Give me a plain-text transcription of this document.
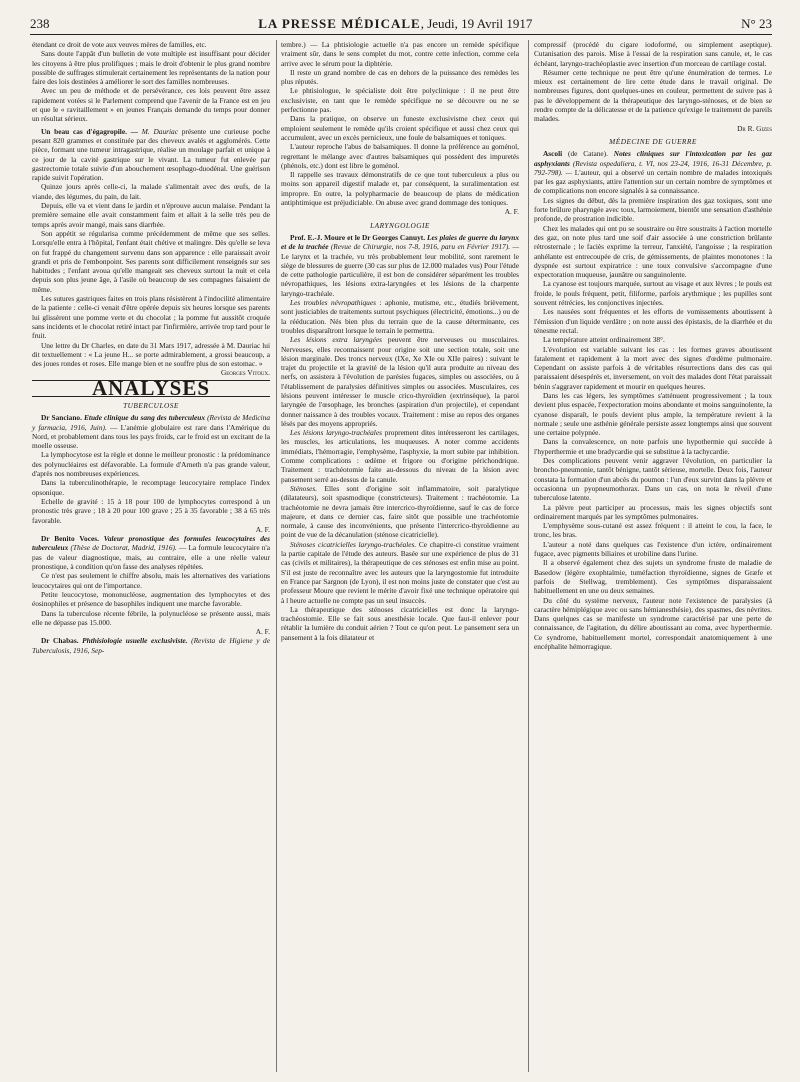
238	LA PRESSE MÉDICALE, Jeudi, 19 Avril 1917	N° 23

étendant ce droit de vote aux veuves mères de familles, etc.

Sans doute l'appât d'un bulletin de vote multiple est insuffisant pour décider les citoyens à être plus prolifiques ; mais le droit d'obtenir le plus grand nombre possible de suffrages stimulerait certainement les représentants de la nation pour faire des lois destinées à améliorer le sort des familles nombreuses.

Avec un peu de méthode et de persévérance, ces lois peuvent être assez rapidement votées si le Parlement comprend que l'avenir de la France est en jeu et que le « ravitaillement » en jeunes Français demande du temps pour donner un résultat sérieux.

Un beau cas d'égagropile. — M. Dauriac présente une curieuse poche pesant 820 grammes et constituée par des cheveux avalés et agglomérés. Cette pièce, formant une tumeur intragastrique, réalise un moulage parfait et unique à ce jour de la cavité gastrique sur le vivant. La tumeur fut enlevée par gastrectomie totale suivie d'un abouchement œsophago-duodénal. Une guérison rapide suivit l'opération.

Quinze jours après celle-ci, la malade s'alimentait avec des œufs, de la viande, des légumes, du pain, du lait.

Depuis, elle va et vient dans le jardin et n'éprouve aucun malaise. Pendant la première semaine elle avait constamment faim et allait à la selle très peu de temps après avoir mangé, mais sans diarrhée.

Son appétit se régularisa comme précédemment de même que ses selles. Lorsqu'elle entra à l'hôpital, l'enfant était chétive et malingre. Dès qu'elle se leva on fut frappé du changement survenu dans son apparence : elle paraissait avoir grandi et pris de l'embonpoint. Ses parents sont difficilement renseignés sur ses habitudes ; l'enfant avoua qu'elle mangeait ses cheveux surtout la nuit et cela depuis son plus jeune âge, à l'asile où beaucoup de ses compagnes faisaient de même.

Les sutures gastriques faites en trois plans résistèrent à l'indocilité alimentaire de la patiente : celle-ci venait d'être opérée depuis six heures lorsque ses parents lui glissèrent une pomme verte et du chocolat ; la pomme fut aussitôt croquée sans incidents et le chocolat retiré intact par l'infirmière, arrivée trop tard pour le fruit.

Une lettre du Dr Charles, en date du 31 Mars 1917, adressée à M. Dauriac lui dit textuellement : « La jeune H... se porte admirablement, a grossi beaucoup, a des joues rondes et roses. Elle mange bien et ne souffre plus de son estomac. »

Georges Vitoux.

ANALYSES
TUBERCULOSE

Dr Sanciano. Etude clinique du sang des tuberculeux (Revista de Medicina y farmacia, 1916, Juin). — L'anémie globulaire est rare dans l'Amérique du Nord, et probablement dans tous les pays froids, car le froid est un excitant de la moelle osseuse.

La lymphocytose est la règle et donne le meilleur pronostic : la prédominance des polynucléaires est défavorable. La formule d'Arneth n'a pas grande valeur, d'après nos nombreuses expériences.

Dans la tuberculinothérapie, le recomptage leucocytaire remplace l'index opsonique.

Echelle de gravité : 15 à 18 pour 100 de lymphocytes correspond à un pronostic très grave ; 18 à 20 pour 100 grave ; 25 à 35 favorable ; 38 à 65 très favorable.

A. F.

Dr Benito Voces. Valeur pronostique des formules leucocytaires des tuberculeux (Thèse de Doctorat, Madrid, 1916). — La formule leucocytaire n'a pas de valeur diagnostique, mais, au contraire, elle a une réelle valeur pronostique, à condition qu'on fasse des analyses répétées.

Ce n'est pas seulement le chiffre absolu, mais les alternatives des variations leucocytaires qui ont de l'importance.

Petite leucocytose, mononucléose, augmentation des lymphocytes et des éosinophiles et présence de basophiles indiquent une marche favorable.

Dans la tuberculose récente fébrile, la polynucléose se présente aussi, mais elle ne dépasse pas 15.000.

A. F.

Dr Chabas. Phthisiologie usuelle exclusiviste. (Revista de Higiene y de Tuberculosis, 1916, Sep-

tembre.) — La phtisiologie actuelle n'a pas encore un remède spécifique vraiment sûr, dans le sens complet du mot, contre cette infection, comme cela arrive avec le sérum pour la diphtérie.

Il reste un grand nombre de cas en dehors de la puissance des remèdes les plus réputés.

Le phtisiologue, le spécialiste doit être polyclinique : il ne peut être exclusiviste, en tant que le remède spécifique ne se découvre ou ne se perfectionne pas.

Dans la pratique, on observe un funeste exclusivisme chez ceux qui emploient seulement le remède qu'ils croient spécifique et aussi chez ceux qui accumulent, avec un excès pernicieux, une foule de balsamiques et toniques.

L'auteur reproche l'abus de balsamiques. Il donne la préférence au goménol, regrettant le mélange avec d'autres balsamiques qui possèdent des impuretés (phénols, etc.) dont est libre le goménol.

Il rappelle ses travaux démonstratifs de ce que tout tuberculeux a plus ou moins son appareil digestif malade et, par conséquent, la suralimentation est impropre. En outre, la polypharmacie de beaucoup de plans de médication antiphtimique est préjudiciable. On abuse avec grand dommage des toniques.

A. F.

LARYNGOLOGIE

Prof. E.-J. Moure et le Dr Georges Canuyt. Les plaies de guerre du larynx et de la trachée (Revue de Chirurgie, nos 7-8, 1916, paru en Février 1917). — Le larynx et la trachée, vu très probablement leur mobilité, sont rarement le siège de blessures de guerre (30 cas sur plus de 12.000 malades vus) Pour l'étude de cette pathologie particulière, il est bon de considérer séparément les troubles névropathiques, les lésions extra-laryngées et les lésions de la charpente laryngo-trachéale.

Les troubles névropathiques : aphonie, mutisme, etc., étudiés brièvement, sont justiciables de traitements surtout psychiques (électricité, émotions...) ou de la rééducation. Nés bien plus du terrain que de la cause déterminante, ces troubles disparaîtront lorsque le terrain le permettra.

Les lésions extra laryngées peuvent être nerveuses ou musculaires. Nerveuses, elles reconnaissent pour origine soit une section totale, soit une lésion marginale. Des troncs nerveux (IXe, Xe XIe ou XIIe paires) : suivant le trajet du projectile et la gravité de la lésion qu'il aura produite au niveau des nerfs, on assistera à l'évolution de parésies fugaces, simples ou associées, ou à l'établissement de paralysies définitives simples ou associées. Musculaires, ces lésions peuvent intéresser le muscle crico-thyroïdien (extrinsèque), la paroi laryngée de l'œsophage, les bronches (aspiration d'un projectile), et cependant donner naissance à des troubles vocaux. Traitement : mise au repos des organes lésés par des moyens appropriés.

Les lésions laryngo-trachéales proprement dites intéresseront les cartilages, les muscles, les articulations, les muqueuses. A noter comme accidents immédiats, l'hémorragie, l'emphysème, l'asphyxie, la mort subite par inhibition. Comme complications : œdème et frigore ou d'origine périchondrique. Traitement : trachéotomie faite au-dessous du niveau de la lésion avec pansement serré au-dessus de la canule.

Sténoses. Elles sont d'origine soit inflammatoire, soit paralytique (dilatateurs), soit spasmodique (constricteurs). Traitement : trachéotomie. La trachéotomie ne devra jamais être intercrico-thyroïdienne, sauf le cas de force majeure, et dans ce dernier cas, faire sitôt que possible une trachéotomie normale, à cause des inconvénients, que présente l'intercrico-thyroïdienne au point de vue de la décanulation (sténose cicatricielle).

Sténoses cicatricielles laryngo-trachéales. Ce chapitre-ci constitue vraiment la partie capitale de l'étude des auteurs. Basée sur une expérience de plus de 31 cas (civils et militaires), la thérapeutique de ces sténoses est enfin mise au point. S'il est juste de reconnaître avec les auteurs que la laryngostomie fut introduite en France par Sargnon (de Lyon), il est non moins juste de constater que c'est au professeur Moure que revient le mérite d'avoir fixé une technique opératoire qui à l heure actuelle ne compte pas un seul insuccès.

La thérapeutique des sténoses cicatricielles est donc la laryngo-trachéostomie. Elle se fait sous anesthésie locale. Que faut-il enlever pour rétablir la lumière du conduit aérien ? Tout ce qu'on peut. Le pansement sera un pansement à la fois dilatateur et

compressif (procédé du cigare iodoformé, ou simplement aseptique). Cutanisation des parois. Mise à l'essai de la respiration sans canule, et, le cas échéant, laryngo-trachéoplastie avec insertion d'un morceau de cartilage costal.

Résumer cette technique ne peut être qu'une énumération de termes. Le mieux est certainement de lire cette étude dans le travail original. De nombreuses figures, dont quelques-unes en couleur, permettent de suivre pas à pas le développement de la thérapeutique des laryngo-sténoses, et de bien se rendre compte de la délicatesse et de la patience qu'exige le traitement de pareils malades.

Dr R. Gizes

MÉDECINE DE GUERRE

Ascoli (de Catane). Notes cliniques sur l'intoxication par les gaz asphyxiants (Revista ospedaliera, t. VI, nos 23-24, 1916, 16-31 Décembre, p. 792-798). — L'auteur, qui a observé un certain nombre de malades intoxiqués par les gaz asphyxiants, attire l'attention sur un certain nombre de symptômes et de complications non encore signalés à sa connaissance.

Les signes du début, dès la première inspiration des gaz toxiques, sont une forte brûlure pharyngée avec toux, larmoiement, bientôt une sensation d'asthénie profonde, de prostration indicible.

Chez les malades qui ont pu se soustraire ou être soustraits à l'action mortelle des gaz, on note plus tard une soif d'air associée à une constriction brûlante rétrosternale ; le faciès exprime la terreur, l'anxiété, l'angoisse ; la respiration anhélante est entrecoupée de cris, de gémissements, de plaintes monotones : la dyspnée est surtout expiratrice : une toux convulsive s'accompagne d'une expectoration muqueuse, jaunâtre ou sanguinolente.

La cyanose est toujours marquée, surtout au visage et aux lèvres ; le pouls est froide, le pouls fréquent, petit, filiforme, parfois arythmique ; les pupilles sont souvent rétrécies, les conjonctives injectées.

Les nausées sont fréquentes et les efforts de vomissements aboutissent à l'émission d'un liquide verdâtre ; on note aussi des épistaxis, de la diarrhée et du ténesme rectal.

La température atteint ordinairement 38°.

L'évolution est variable suivant les cas : les formes graves aboutissent fatalement et rapidement à la mort avec des signes d'œdème pulmonaire. Cependant on assiste parfois à de véritables résurrections dans des cas qui paraissaient désespérés et, inversement, on voit des malades dont l'état paraissait bénin s'aggraver rapidement et mourir en quelques heures.

Dans les cas légers, les symptômes s'atténuent progressivement ; la toux devient plus espacée, l'expectoration moins abondante et moins sanguinolente, la cyanose disparaît, le pouls devient plus ample, la température revient à la normale ; seule une asthénie générale persiste assez longtemps ainsi que souvent une certaine polypnée.

Dans la convalescence, on note parfois une hypothermie qui succède à l'hyperthermie et une bradycardie qui se substitue à la tachycardie.

Des complications peuvent venir aggraver l'évolution, en particulier la broncho-pneumonie, tantôt bénigne, tantôt sérieuse, mortelle. Deux fois, l'auteur constata la formation d'un abcès du poumon : l'un d'eux survint dans la plèvre et occasionna un pyopneumothorax. Dans un cas, on nota le réveil d'une tuberculose latente.

La plèvre peut participer au processus, mais les signes objectifs sont ordinairement marqués par les symptômes pulmonaires.

L'emphysème sous-cutané est assez fréquent : il atteint le cou, la face, le tronc, les bras.

L'auteur a noté dans quelques cas l'existence d'un ictère, ordinairement fugace, avec pigments biliaires et urobiline dans l'urine.

Il a observé également chez des sujets un syndrome fruste de maladie de Basedow (légère exophtalmie, tuméfaction thyroïdienne, signes de Græfe et parfois de Stellwag, tremblement). Ces symptômes disparaissaient habituellement en une ou deux semaines.

Du côté du système nerveux, l'auteur note l'existence de paralysies (à caractère hémiplégique avec ou sans hémianesthésie), des spasmes, des névrites. Dans quelques cas se manifeste un syndrome caractérisé par une perte de connaissance, de l'agitation, du délire aboutissant au coma, avec hyperthermie. Ce syndrome, habituellement mortel, correspondait anatomiquement à une encéphalite hémorragique.
